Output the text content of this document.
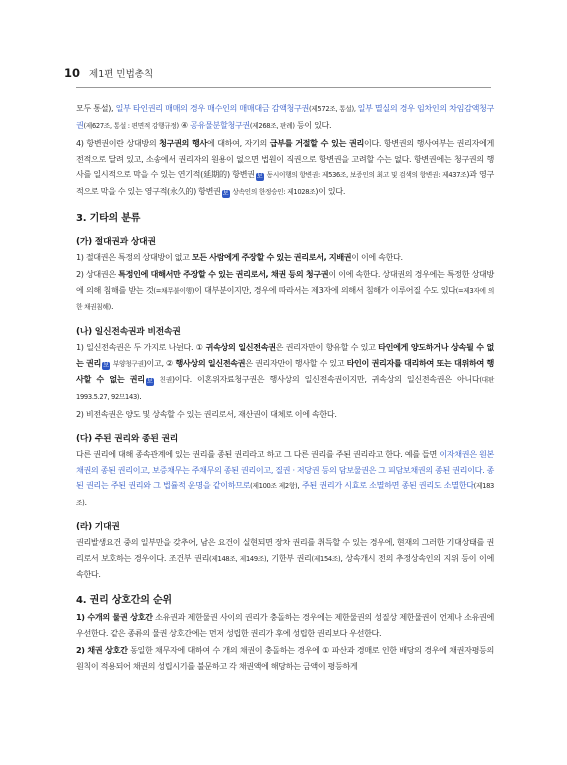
10 제1편 민법총칙
모두 통설), 일부 타인권리 매매의 경우 매수인의 매매대금 감액청구권(제572조, 통설), 일부 멸실의 경우 임차인의 차임감액청구권(제627조, 통설 : 편면적 강행규정) ④ 공유물분할청구권(제268조, 판례) 등이 있다.
4) 항변권이란 상대방의 청구권의 행사에 대하여, 자기의 급부를 거절할 수 있는 권리이다. 항변권의 행사여부는 권리자에게 전적으로 달려 있고, 소송에서 권리자의 원용이 없으면 법원이 직권으로 항변권을 고려할 수는 없다. 항변권에는 청구권의 행사를 일시적으로 막을 수 있는 연기적(延期的) 항변권 보 동시이행의 항변권: 제536조, 보증인의 최고 및 검색의 항변권: 제437조)과 영구적으로 막을 수 있는 영구적(永久的) 항변권 보 상속인의 한정승인: 제1028조)이 있다.
3. 기타의 분류
(가) 절대권과 상대권
1) 절대권은 특정의 상대방이 없고 모든 사람에게 주장할 수 있는 권리로서, 지배권이 이에 속한다.
2) 상대권은 특정인에 대해서만 주장할 수 있는 권리로서, 채권 등의 청구권이 이에 속한다. 상대권의 경우에는 특정한 상대방에 의해 침해를 받는 것(=채무불이행)이 대부분이지만, 경우에 따라서는 제3자에 의해서 침해가 이루어질 수도 있다(=제3자에 의한 채권침해).
(나) 일신전속권과 비전속권
1) 일신전속권은 두 가지로 나뉜다. ① 귀속상의 일신전속권은 권리자만이 향유할 수 있고 타인에게 양도하거나 상속될 수 없는 권리 보 부양청구권)이고, ② 행사상의 일신전속권은 권리자만이 행사할 수 있고 타인이 권리자를 대리하여 또는 대위하여 행사할 수 없는 권리 보 친권)이다. 이혼위자료청구권은 행사상의 일신전속권이지만, 귀속상의 일신전속권은 아니다(대판 1993.5.27, 92므143).
2) 비전속권은 양도 및 상속할 수 있는 권리로서, 재산권이 대체로 이에 속한다.
(다) 주된 권리와 종된 권리
다른 권리에 대해 종속관계에 있는 권리를 종된 권리라고 하고 그 다른 권리를 주된 권리라고 한다. 예를 들면 이자채권은 원본채권의 종된 권리이고, 보증채무는 주채무의 종된 권리이고, 질권 · 저당권 등의 담보물권은 그 피담보채권의 종된 권리이다. 종된 권리는 주된 권리와 그 법률적 운명을 같이하므로(제100조 제2항), 주된 권리가 시효로 소멸하면 종된 권리도 소멸한다(제183조).
(라) 기대권
권리발생요건 중의 일부만을 갖추어, 남은 요건이 실현되면 장차 권리를 취득할 수 있는 경우에, 현재의 그러한 기대상태를 권리로서 보호하는 경우이다. 조건부 권리(제148조, 제149조), 기한부 권리(제154조), 상속개시 전의 추정상속인의 지위 등이 이에 속한다.
4. 권리 상호간의 순위
1) 수개의 물권 상호간 소유권과 제한물권 사이의 권리가 충돌하는 경우에는 제한물권의 성질상 제한물권이 언제나 소유권에 우선한다. 같은 종류의 물권 상호간에는 먼저 성립한 권리가 후에 성립한 권리보다 우선한다.
2) 채권 상호간 동일한 채무자에 대하여 수 개의 채권이 충돌하는 경우에 ① 파산과 경매로 인한 배당의 경우에 채권자평등의 원칙이 적용되어 채권의 성립시기를 불문하고 각 채권액에 해당하는 금액이 평등하게
